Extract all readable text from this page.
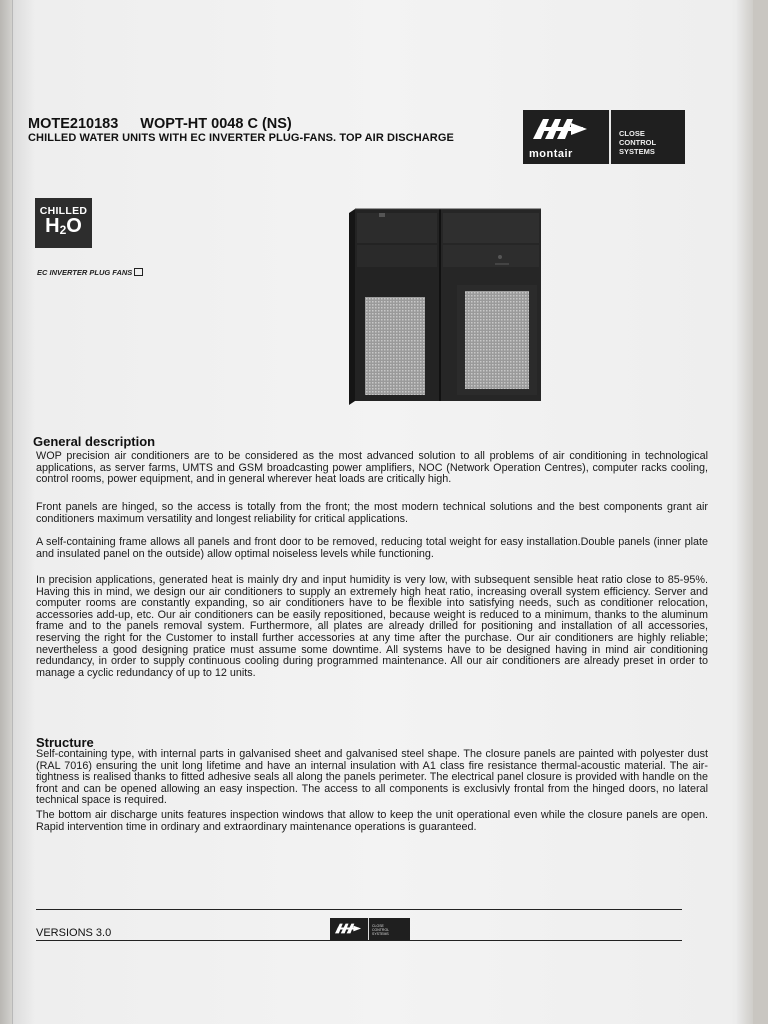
MOTE210183 WOPT-HT 0048 C (NS)
CHILLED WATER UNITS WITH EC INVERTER PLUG-FANS. TOP AIR DISCHARGE
montair
CLOSE
CONTROL
SYSTEMS
CHILLED
$H_2O$
EC INVERTER PLUG FANS
General description
WOP precision air conditioners are to be considered as the most advanced solution to all problems of air conditioning in technological applications, as server farms, UMTS and GSM broadcasting power amplifiers, NOC (Network Operation Centres), computer racks cooling, control rooms, power equipment, and in general wherever heat loads are critically high.
Front panels are hinged, so the access is totally from the front; the most modern technical solutions and the best components grant air conditioners maximum versatility and longest reliability for critical applications.
A self-containing frame allows all panels and front door to be removed, reducing total weight for easy installation.Double panels (inner plate and insulated panel on the outside) allow optimal noiseless levels while functioning.
In precision applications, generated heat is mainly dry and input humidity is very low, with subsequent sensible heat ratio close to 85-95%. Having this in mind, we design our air conditioners to supply an extremely high heat ratio, increasing overall system efficiency. Server and computer rooms are constantly expanding, so air conditioners have to be flexible into satisfying needs, such as conditioner relocation, accessories add-up, etc. Our air conditioners can be easily repositioned, because weight is reduced to a minimum, thanks to the aluminum frame and to the panels removal system. Furthermore, all plates are already drilled for positioning and installation of all accessories, reserving the right for the Customer to install further accessories at any time after the purchase. Our air conditioners are highly reliable; nevertheless a good designing pratice must assume some downtime. All systems have to be designed having in mind air conditioning redundancy, in order to supply continuous cooling during programmed maintenance. All our air conditioners are already preset in order to manage a cyclic redundancy of up to 12 units.
Structure
Self-containing type, with internal parts in galvanised sheet and galvanised steel shape. The closure panels are painted with polyester dust (RAL 7016) ensuring the unit long lifetime and have an internal insulation with A1 class fire resistance thermal-acoustic material. The air-tightness is realised thanks to fitted adhesive seals all along the panels perimeter. The electrical panel closure is provided with handle on the front and can be opened allowing an easy inspection. The access to all components is exclusivly frontal from the hinged doors, no lateral technical space is required.
The bottom air discharge units features inspection windows that allow to keep the unit operational even while the closure panels are open. Rapid intervention time in ordinary and extraordinary maintenance operations is guaranteed.
VERSIONS 3.0
CLOSE
CONTROL
SYSTEMS
